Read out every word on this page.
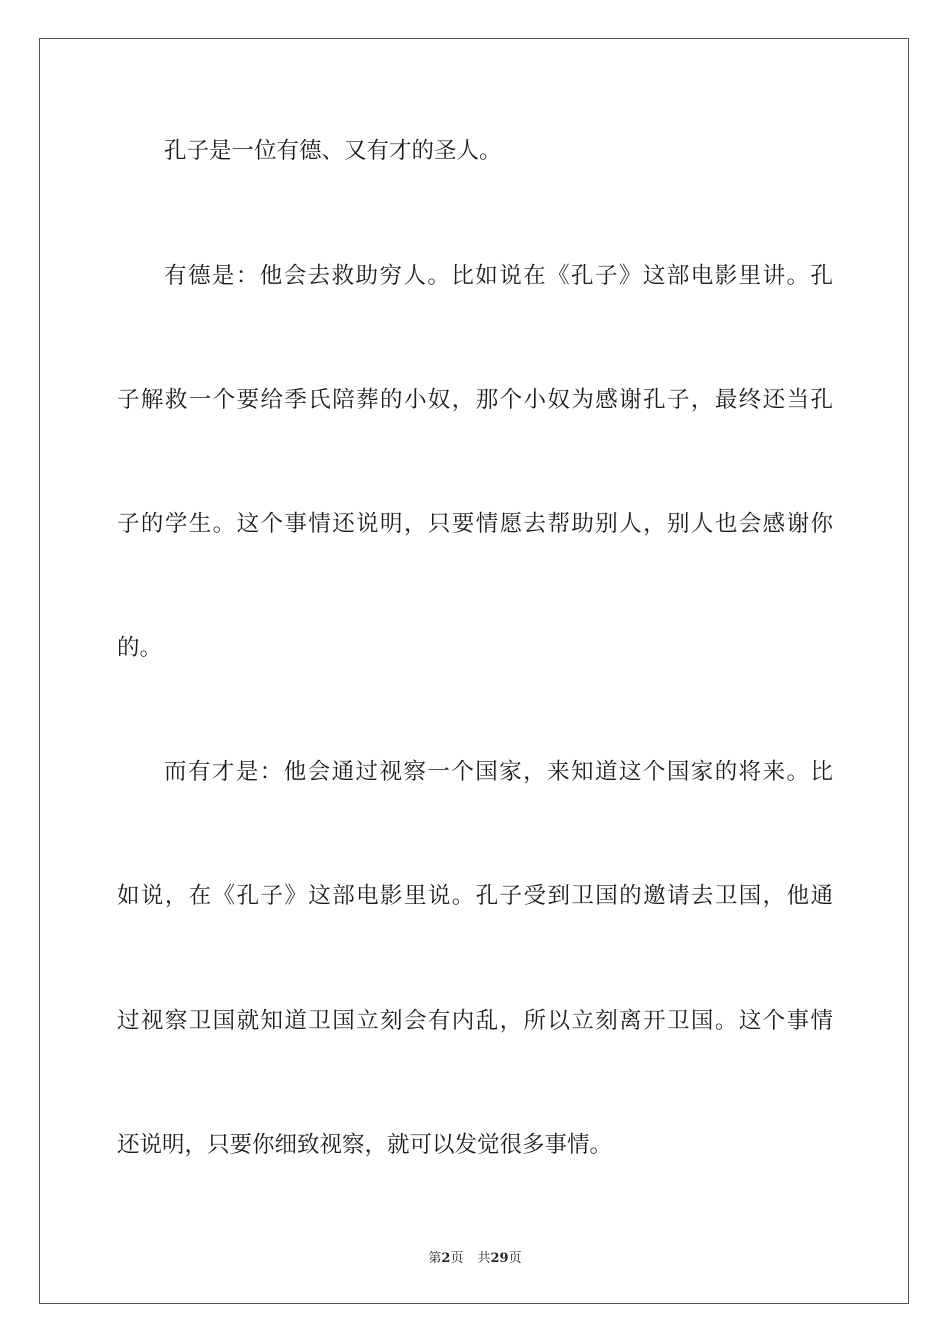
孔子是一位有德、又有才的圣人。
有德是：他会去救助穷人。比如说在《孔子》这部电影里讲。孔
子解救一个要给季氏陪葬的小奴，那个小奴为感谢孔子，最终还当孔
子的学生。这个事情还说明，只要情愿去帮助别人，别人也会感谢你
的。
而有才是：他会通过视察一个国家，来知道这个国家的将来。比
如说，在《孔子》这部电影里说。孔子受到卫国的邀请去卫国，他通
过视察卫国就知道卫国立刻会有内乱，所以立刻离开卫国。这个事情
还说明，只要你细致视察，就可以发觉很多事情。
第2页 共29页
